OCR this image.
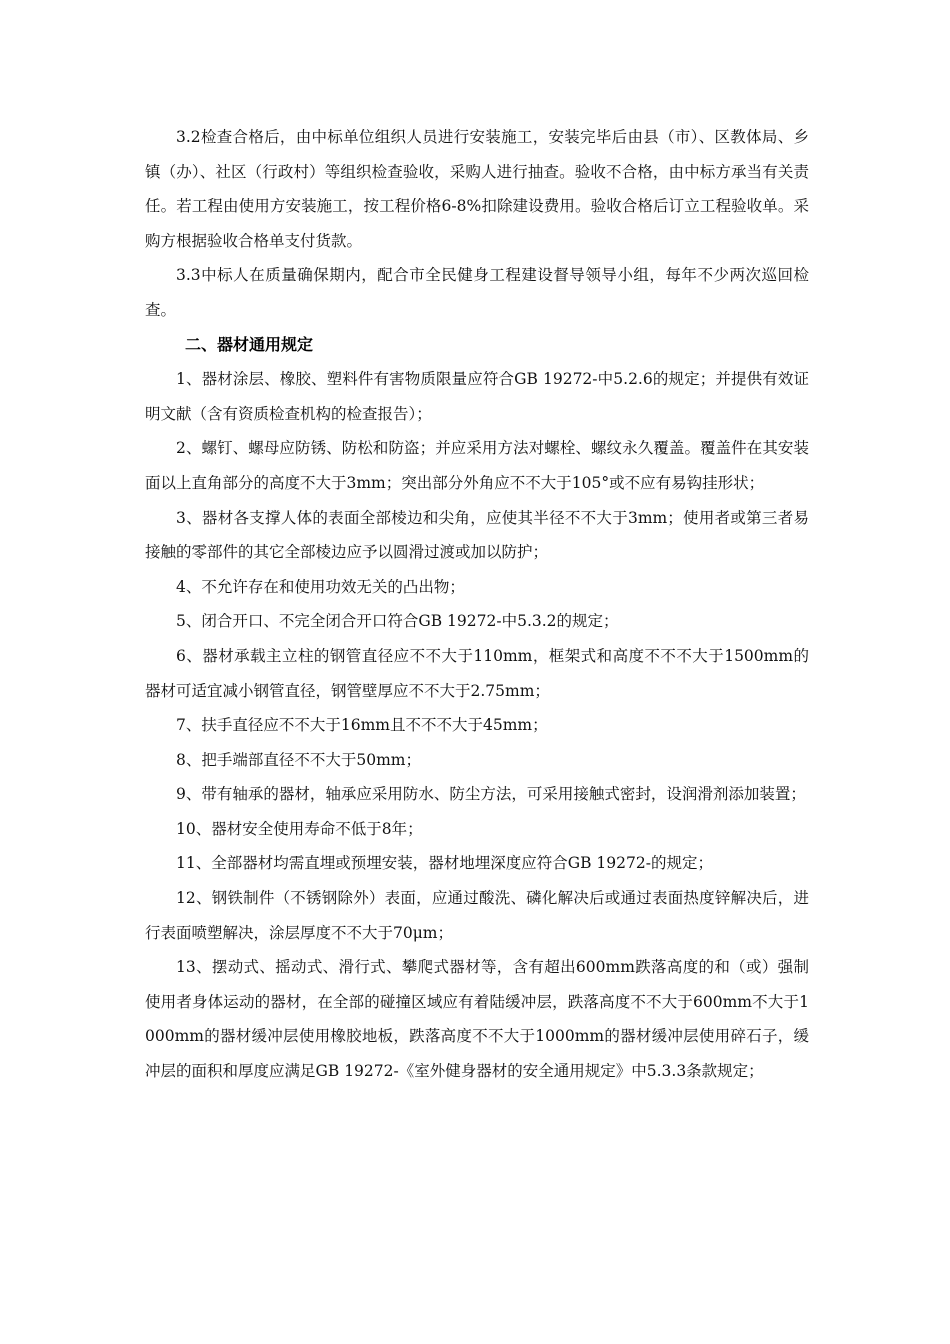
3.2检查合格后，由中标单位组织人员进行安装施工，安装完毕后由县（市）、区教体局、乡镇（办）、社区（行政村）等组织检查验收，采购人进行抽查。验收不合格，由中标方承当有关责任。若工程由使用方安装施工，按工程价格6-8%扣除建设费用。验收合格后订立工程验收单。采购方根据验收合格单支付货款。

3.3中标人在质量确保期内，配合市全民健身工程建设督导领导小组，每年不少两次巡回检查。

二、器材通用规定

1、器材涂层、橡胶、塑料件有害物质限量应符合GB 19272-中5.2.6的规定；并提供有效证明文献（含有资质检查机构的检查报告）；

2、螺钉、螺母应防锈、防松和防盗；并应采用方法对螺栓、螺纹永久覆盖。覆盖件在其安装面以上直角部分的高度不大于3mm；突出部分外角应不不大于105°或不应有易钩挂形状；

3、器材各支撑人体的表面全部棱边和尖角，应使其半径不不大于3mm；使用者或第三者易接触的零部件的其它全部棱边应予以圆滑过渡或加以防护；

4、不允许存在和使用功效无关的凸出物；

5、闭合开口、不完全闭合开口符合GB 19272-中5.3.2的规定；

6、器材承载主立柱的钢管直径应不不大于110mm，框架式和高度不不不大于1500mm的器材可适宜减小钢管直径，钢管壁厚应不不大于2.75mm；

7、扶手直径应不不大于16mm且不不不大于45mm；

8、把手端部直径不不大于50mm；

9、带有轴承的器材，轴承应采用防水、防尘方法，可采用接触式密封，设润滑剂添加装置；

10、器材安全使用寿命不低于8年；

11、全部器材均需直埋或预埋安装，器材地埋深度应符合GB 19272-的规定；

12、钢铁制件（不锈钢除外）表面，应通过酸洗、磷化解决后或通过表面热度锌解决后，进行表面喷塑解决，涂层厚度不不大于70μm；

13、摆动式、摇动式、滑行式、攀爬式器材等，含有超出600mm跌落高度的和（或）强制使用者身体运动的器材，在全部的碰撞区域应有着陆缓冲层，跌落高度不不大于600mm不大于1000mm的器材缓冲层使用橡胶地板，跌落高度不不大于1000mm的器材缓冲层使用碎石子，缓冲层的面积和厚度应满足GB 19272-《室外健身器材的安全通用规定》中5.3.3条款规定；
